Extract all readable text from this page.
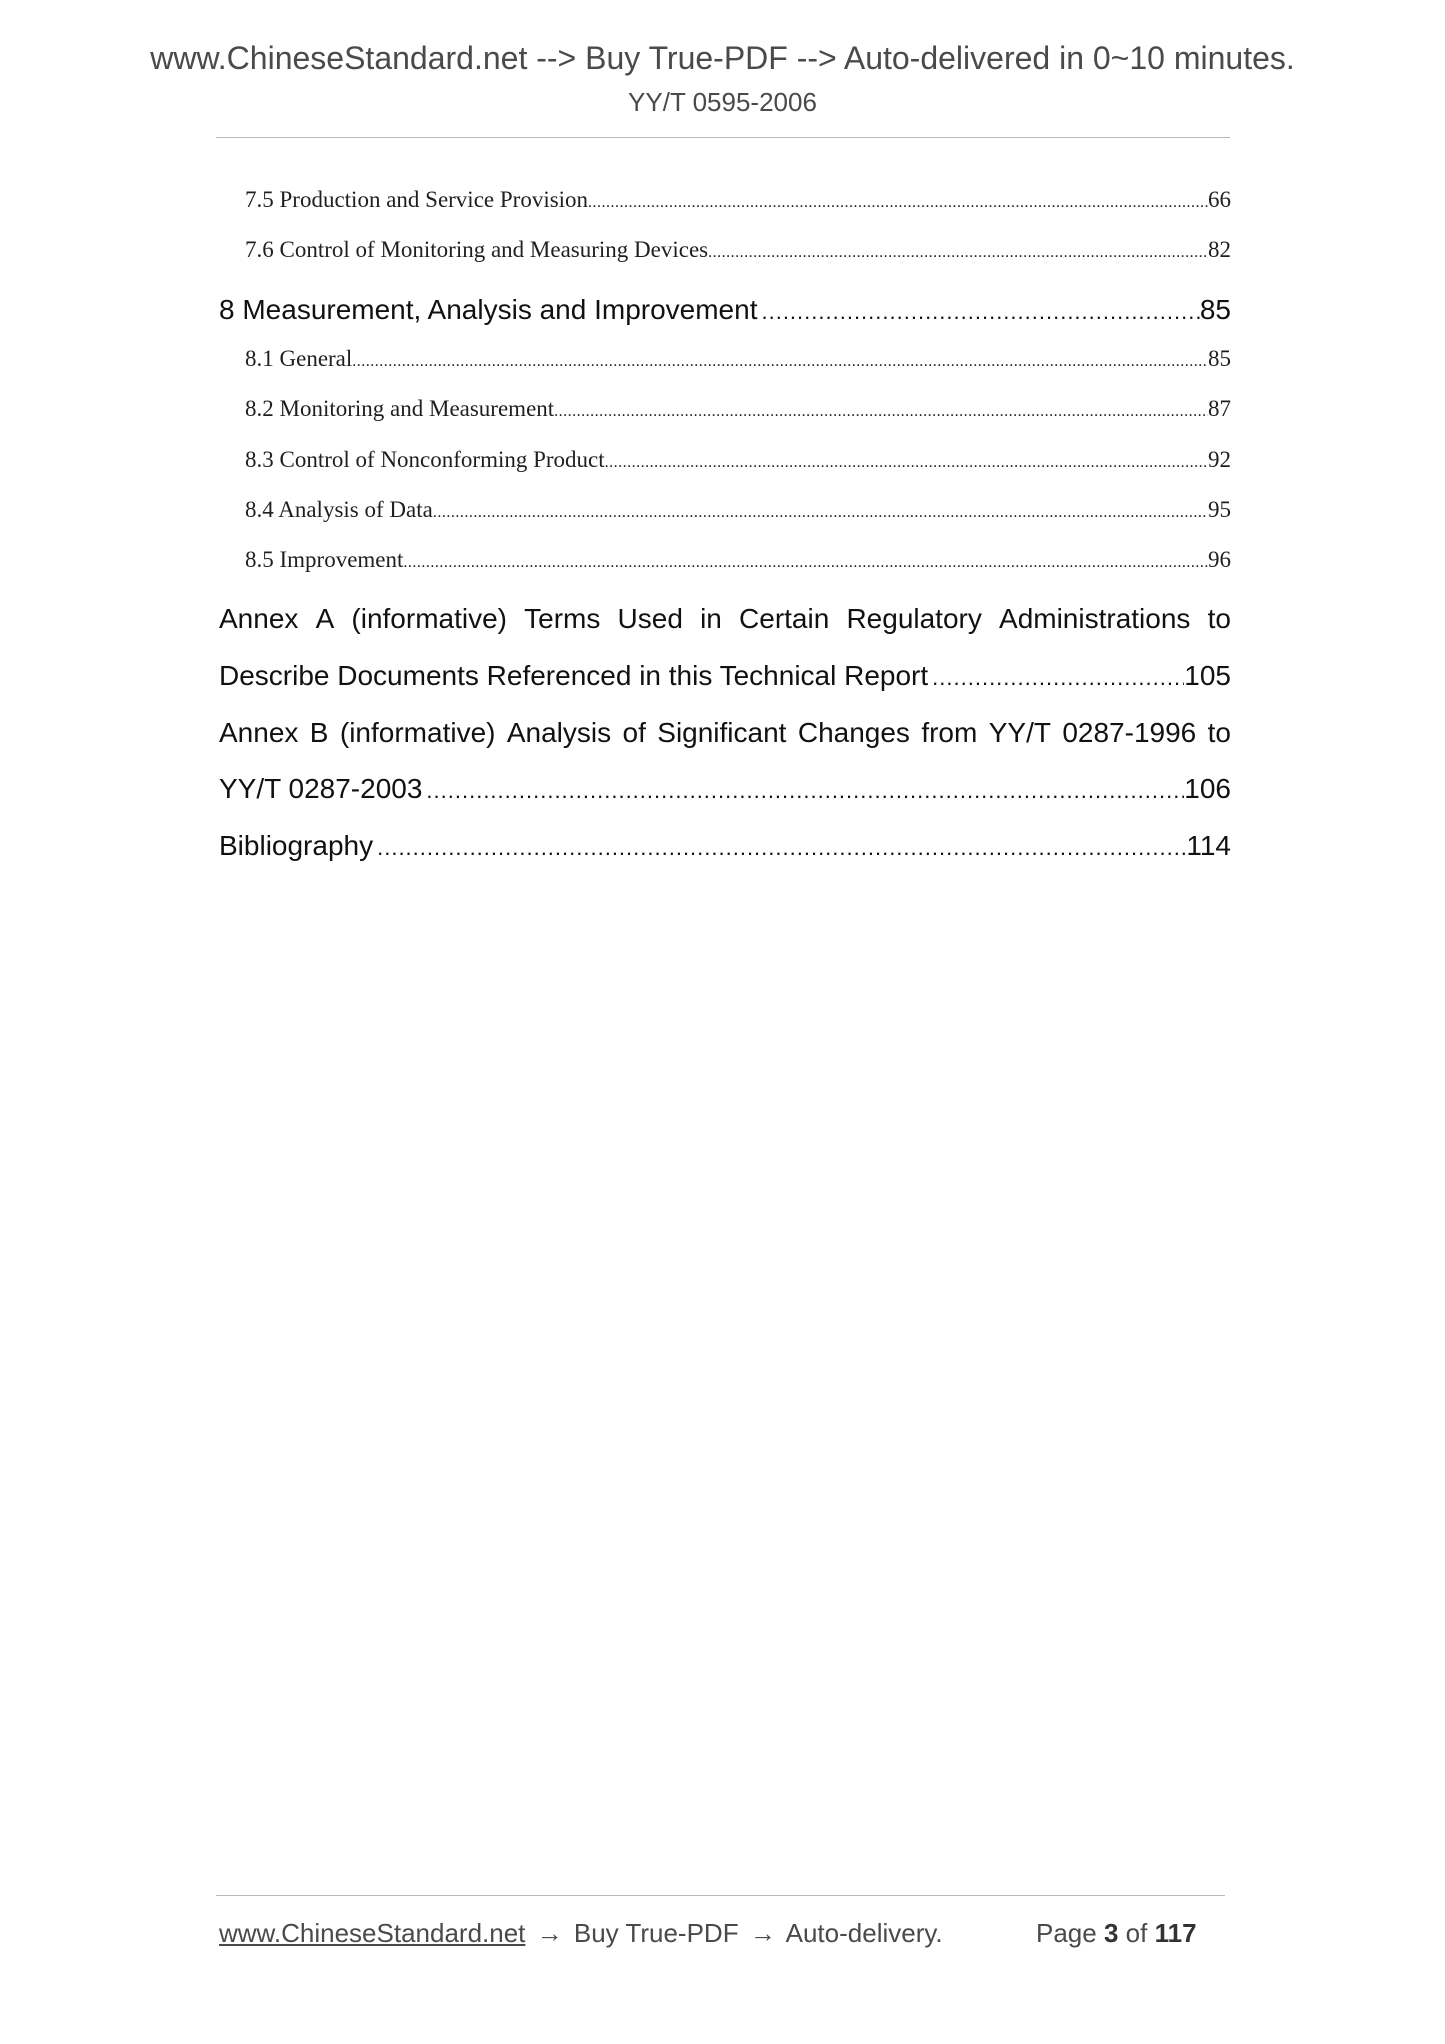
www.ChineseStandard.net --> Buy True-PDF --> Auto-delivered in 0~10 minutes.
YY/T 0595-2006
7.5 Production and Service Provision .....	66
7.6 Control of Monitoring and Measuring Devices .....	82
8 Measurement, Analysis and Improvement .....	85
8.1 General .....	85
8.2 Monitoring and Measurement .....	87
8.3 Control of Nonconforming Product .....	92
8.4 Analysis of Data .....	95
8.5 Improvement .....	96
Annex A (informative) Terms Used in Certain Regulatory Administrations to
Describe Documents Referenced in this Technical Report .....	105
Annex B (informative) Analysis of Significant Changes from YY/T 0287-1996 to
YY/T 0287-2003 .....	106
Bibliography .....	114
www.ChineseStandard.net → Buy True-PDF → Auto-delivery.	Page 3 of 117
